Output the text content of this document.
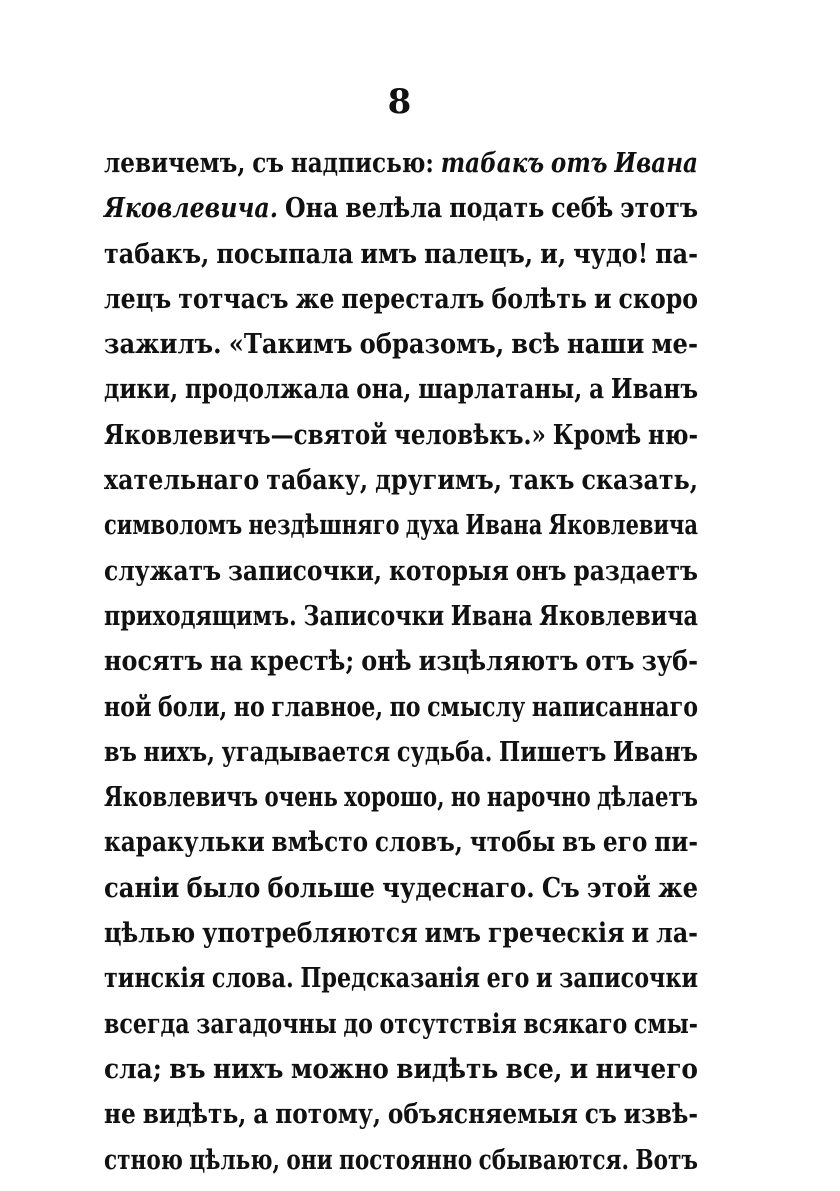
8
левичемъ, съ надписью: табакъ отъ Ивана
Яковлевича. Она велѣла подать себѣ этотъ
табакъ, посыпала имъ палецъ, и, чудо! па-
лецъ тотчасъ же пересталъ болѣть и скоро
зажилъ. «Такимъ образомъ, всѣ наши ме-
дики, продолжала она, шарлатаны, а Иванъ
Яковлевичъ—святой человѣкъ.» Кромѣ ню-
хательнаго табаку, другимъ, такъ сказать,
символомъ нездѣшняго духа Ивана Яковлевича
служатъ записочки, которыя онъ раздаетъ
приходящимъ. Записочки Ивана Яковлевича
носятъ на крестѣ; онѣ изцѣляютъ отъ зуб-
ной боли, но главное, по смыслу написаннаго
въ нихъ, угадывается судьба. Пишетъ Иванъ
Яковлевичъ очень хорошо, но нарочно дѣлаетъ
каракульки вмѣсто словъ, чтобы въ его пи-
саніи было больше чудеснаго. Съ этой же
цѣлью употребляются имъ греческія и ла-
тинскія слова. Предсказанія его и записочки
всегда загадочны до отсутствія всякаго смы-
сла; въ нихъ можно видѣть все, и ничего
не видѣть, а потому, объясняемыя съ извѣ-
стною цѣлью, они постоянно сбываются. Вотъ
